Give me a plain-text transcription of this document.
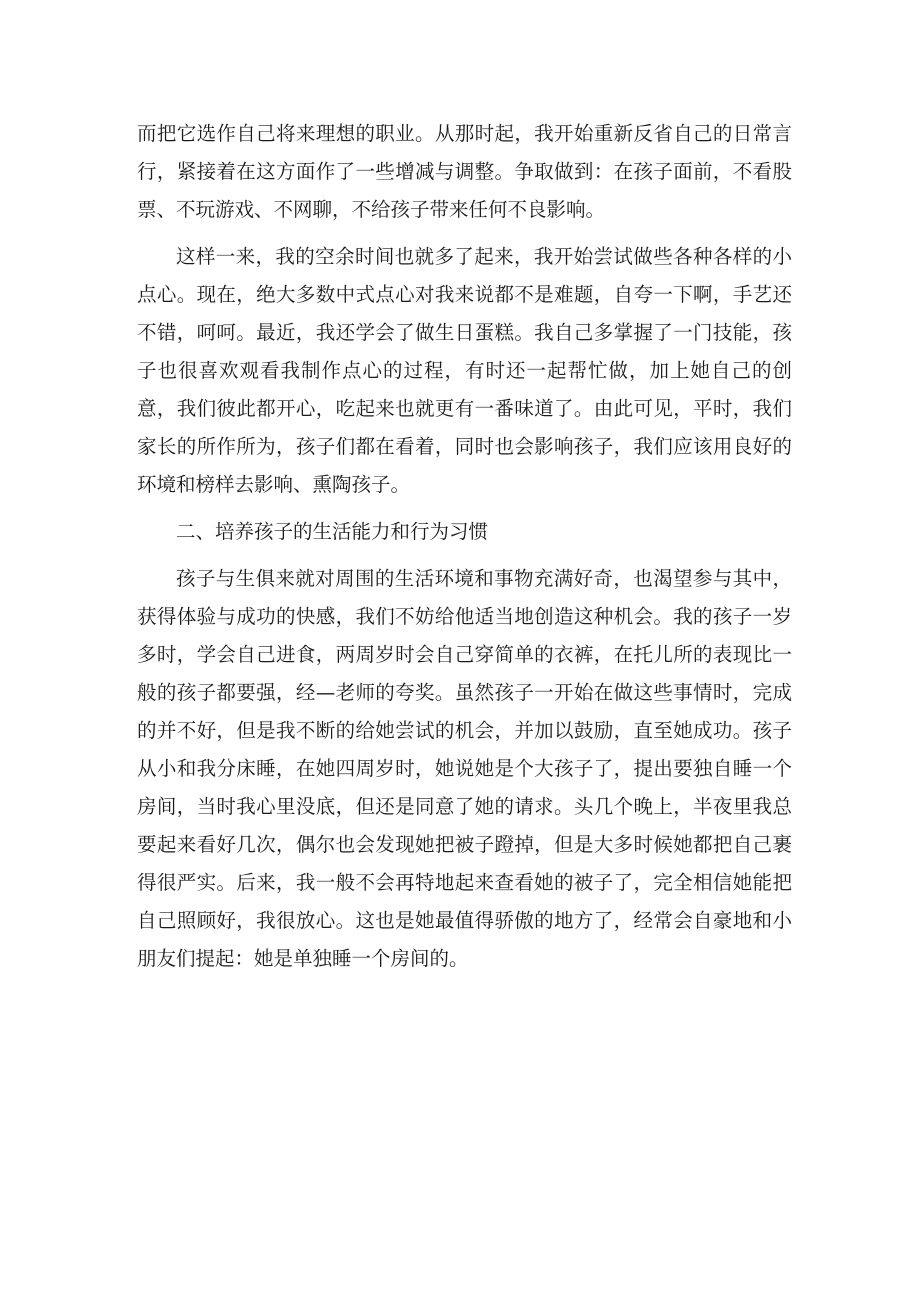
而把它选作自己将来理想的职业。从那时起，我开始重新反省自己的日常言行，紧接着在这方面作了一些增减与调整。争取做到：在孩子面前，不看股票、不玩游戏、不网聊，不给孩子带来任何不良影响。

这样一来，我的空余时间也就多了起来，我开始尝试做些各种各样的小点心。现在，绝大多数中式点心对我来说都不是难题，自夸一下啊，手艺还不错，呵呵。最近，我还学会了做生日蛋糕。我自己多掌握了一门技能，孩子也很喜欢观看我制作点心的过程，有时还一起帮忙做，加上她自己的创意，我们彼此都开心，吃起来也就更有一番味道了。由此可见，平时，我们家长的所作所为，孩子们都在看着，同时也会影响孩子，我们应该用良好的环境和榜样去影响、熏陶孩子。

二、培养孩子的生活能力和行为习惯

孩子与生俱来就对周围的生活环境和事物充满好奇，也渴望参与其中，获得体验与成功的快感，我们不妨给他适当地创造这种机会。我的孩子一岁多时，学会自己进食，两周岁时会自己穿简单的衣裤，在托儿所的表现比一般的孩子都要强，经—老师的夸奖。虽然孩子一开始在做这些事情时，完成的并不好，但是我不断的给她尝试的机会，并加以鼓励，直至她成功。孩子从小和我分床睡，在她四周岁时，她说她是个大孩子了，提出要独自睡一个房间，当时我心里没底，但还是同意了她的请求。头几个晚上，半夜里我总要起来看好几次，偶尔也会发现她把被子蹬掉，但是大多时候她都把自己裹得很严实。后来，我一般不会再特地起来查看她的被子了，完全相信她能把自己照顾好，我很放心。这也是她最值得骄傲的地方了，经常会自豪地和小朋友们提起：她是单独睡一个房间的。
